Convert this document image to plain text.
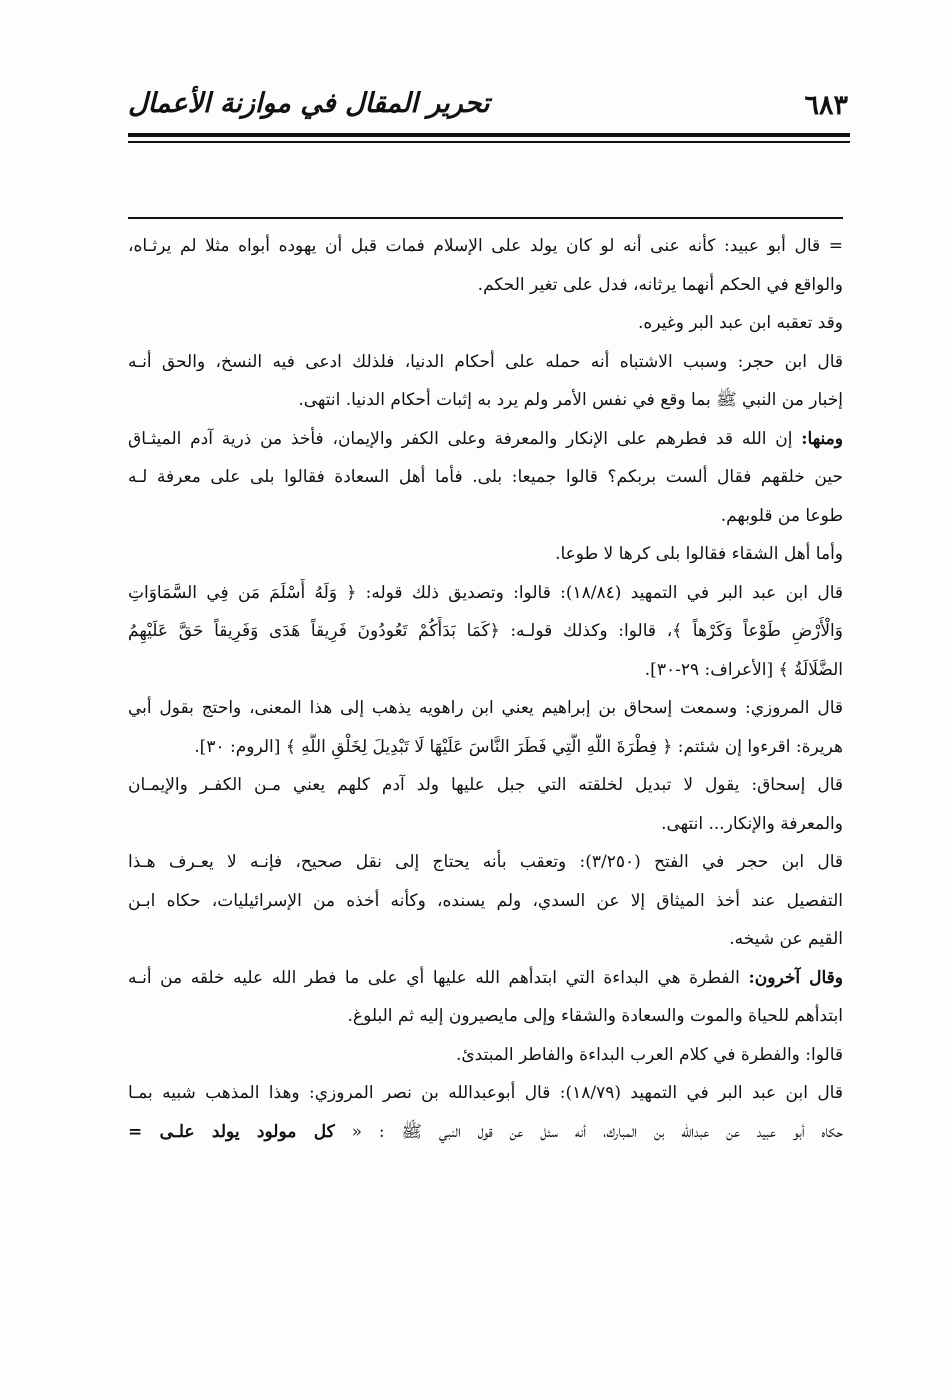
٦٨٣
تحرير المقال في موازنة الأعمال
= قال أبو عبيد: كأنه عنى أنه لو كان يولد على الإسلام فمات قبل أن يهوده أبواه مثلا لم يرثـاه،
والواقع في الحكم أنهما يرثانه، فدل على تغير الحكم.
وقد تعقبه ابن عبد البر وغيره.
قال ابن حجر: وسبب الاشتباه أنه حمله على أحكام الدنيا، فلذلك ادعى فيه النسخ، والحق أنـه
إخبار من النبي ﷺ بما وقع في نفس الأمر ولم يرد به إثبات أحكام الدنيا. انتهى.
ومنها: إن الله قد فطرهم على الإنكار والمعرفة وعلى الكفر والإيمان، فأخذ من ذرية آدم الميثـاق
حين خلقهم فقال ألست بربكم؟ قالوا جميعا: بلى. فأما أهل السعادة فقالوا بلى على معرفة لـه
طوعا من قلوبهم.
وأما أهل الشقاء فقالوا بلى كرها لا طوعا.
قال ابن عبد البر في التمهيد (١٨/٨٤): قالوا: وتصديق ذلك قوله: ﴿ وَلَهُ أَسْلَمَ مَن فِي السَّمَاوَاتِ
وَالْأَرْضِ طَوْعاً وَكَرْهاً ﴾، قالوا: وكذلك قولـه: ﴿كَمَا بَدَأَكُمْ تَعُودُونَ فَرِيقاً هَدَى وَفَرِيقاً حَقَّ عَلَيْهِمُ
الضَّلَالَةُ ﴾ [الأعراف: ٢٩-٣٠].
قال المروزي: وسمعت إسحاق بن إبراهيم يعني ابن راهويه يذهب إلى هذا المعنى، واحتج بقول أبي
هريرة: اقرءوا إن شئتم: ﴿ فِطْرَةَ اللَّهِ الَّتِي فَطَرَ النَّاسَ عَلَيْهَا لَا تَبْدِيلَ لِخَلْقِ اللَّهِ ﴾ [الروم: ٣٠].
قال إسحاق: يقول لا تبديل لخلقته التي جبل عليها ولد آدم كلهم يعني مـن الكفـر والإيمـان
والمعرفة والإنكار... انتهى.
قال ابن حجر في الفتح (٣/٢٥٠): وتعقب بأنه يحتاج إلى نقل صحيح، فإنـه لا يعـرف هـذا
التفصيل عند أخذ الميثاق إلا عن السدي، ولم يسنده، وكأنه أخذه من الإسرائيليات، حكاه ابـن
القيم عن شيخه.
وقال آخرون: الفطرة هي البداءة التي ابتدأهم الله عليها أي على ما فطر الله عليه خلقه من أنـه
ابتدأهم للحياة والموت والسعادة والشقاء وإلى مايصيرون إليه ثم البلوغ.
قالوا: والفطرة في كلام العرب البداءة والفاطر المبتدئ.
قال ابن عبد البر في التمهيد (١٨/٧٩): قال أبوعبدالله بن نصر المروزي: وهذا المذهب شبيه بمـا
حكاه أبو عبيد عن عبدالله بن المبارك، أنه سئل عن قول النبي ﷺ : « كل مولود يولد علـى =
